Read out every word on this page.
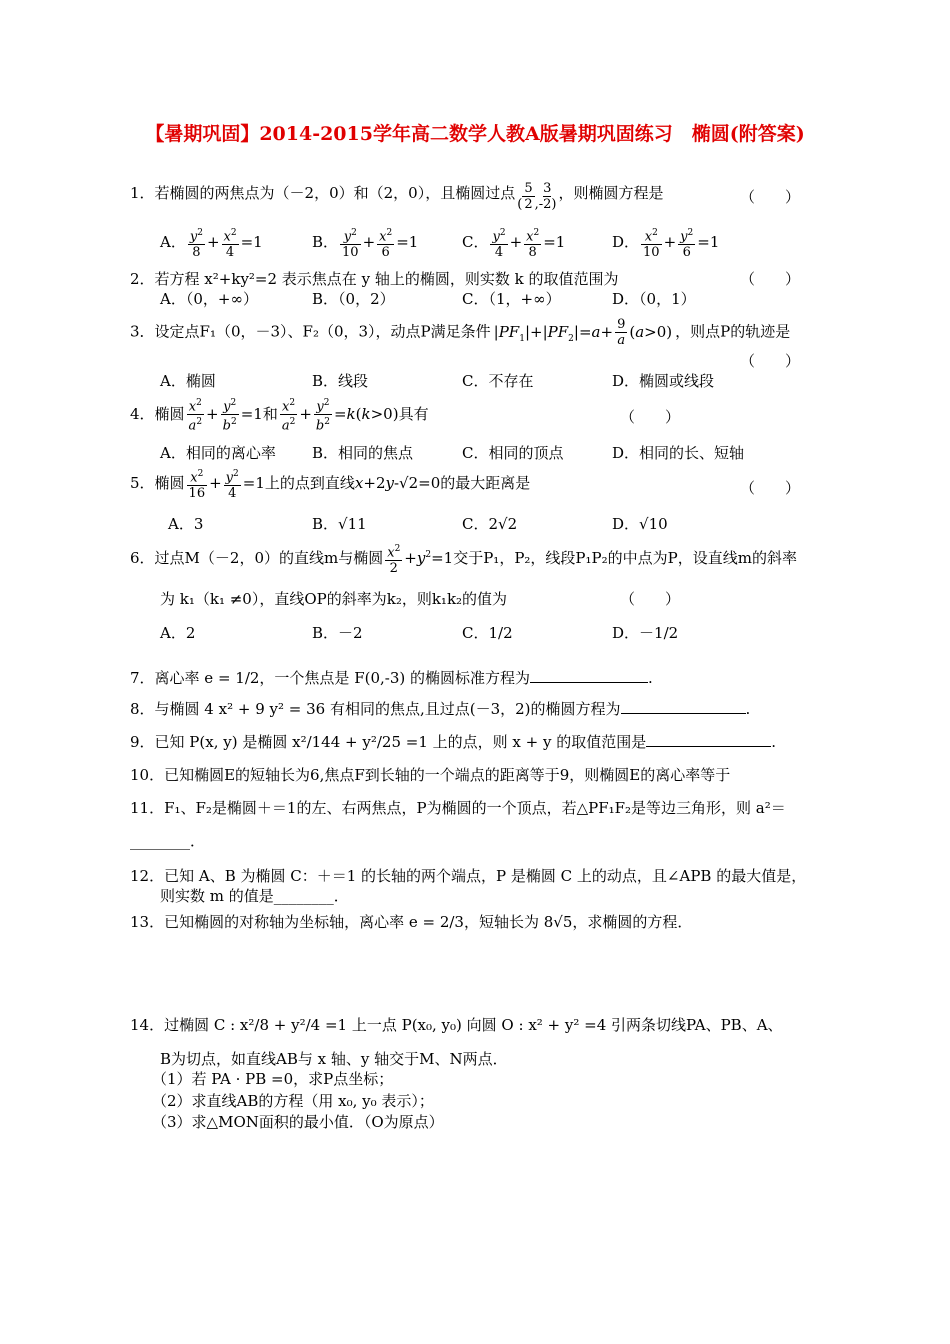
【暑期巩固】2014-2015学年高二数学人教A版暑期巩固练习　椭圆(附答案)
1．若椭圆的两焦点为（－2，0）和（2，0），且椭圆过点( $\frac{5}{2}$ ,- $\frac{3}{2}$ )，则椭圆方程是	（　　）
A． $\frac{y^2}{8} + \frac{x^2}{4} =1$	B． $\frac{y^2}{10} + \frac{x^2}{6} =1$	C． $\frac{y^2}{4} + \frac{x^2}{8} =1$	D． $\frac{x^2}{10} + \frac{y^2}{6} =1$
2．若方程 x²+ky²=2 表示焦点在 y 轴上的椭圆，则实数 k 的取值范围为	（　　）
A．（0，+∞）	B．（0，2）	C．（1，+∞）	D．（0，1）
3．设定点F₁（0，－3）、F₂（0，3），动点P满足条件 $|PF_1|+|PF_2|=a+ \frac{9}{a} (a>0)$ ，则点P的轨迹是
（　　）
A．椭圆	B．线段	C．不存在	D．椭圆或线段
4．椭圆 $\frac{x^2}{a^2} + \frac{y^2}{b^2} =1$和 $\frac{x^2}{a^2} + \frac{y^2}{b^2} =k(k>0)$具有	（　　）
A．相同的离心率 B．相同的焦点	C．相同的顶点	D．相同的长、短轴
5．椭圆 $\frac{x^2}{16} + \frac{y^2}{4} =1$上的点到直线x+2y-√2=0的最大距离是	（　　）
A．3	B．√11	C．2√2	D．√10
6．过点M（－2，0）的直线m与椭圆 $\frac{x^2}{2} +y^2=1$交于P₁，P₂，线段P₁P₂的中点为P，设直线m的斜率
为 k₁（k₁ ≠0），直线OP的斜率为k₂，则k₁k₂的值为	（　　）
A．2	B．－2	C．1/2	D．－1/2
7．离心率 e = 1/2，一个焦点是 F(0,-3) 的椭圆标准方程为	.
8．与椭圆 4 x² + 9 y² = 36 有相同的焦点,且过点(－3，2)的椭圆方程为	.
9．已知 P(x, y) 是椭圆 x²/144 + y²/25 =1 上的点，则 x + y 的取值范围是	.
10．已知椭圆E的短轴长为6,焦点F到长轴的一个端点的距离等于9，则椭圆E的离心率等于
11．F₁、F₂是椭圆＋＝1的左、右两焦点，P为椭圆的一个顶点，若△PF₁F₂是等边三角形，则 a²＝
________．
12．已知 A、B 为椭圆 C：＋＝1 的长轴的两个端点，P 是椭圆 C 上的动点，且∠APB 的最大值是，
则实数 m 的值是________．
13．已知椭圆的对称轴为坐标轴，离心率 e = 2/3，短轴长为 8√5，求椭圆的方程．
14．过椭圆 C : x²/8 + y²/4 =1 上一点 P(x₀, y₀) 向圆 O : x² + y² =4 引两条切线PA、PB、A、
B为切点，如直线AB与 x 轴、y 轴交于M、N两点．
（1）若 PA · PB =0，求P点坐标；
（2）求直线AB的方程（用 x₀, y₀ 表示）；
（3）求△MON面积的最小值．（O为原点）
